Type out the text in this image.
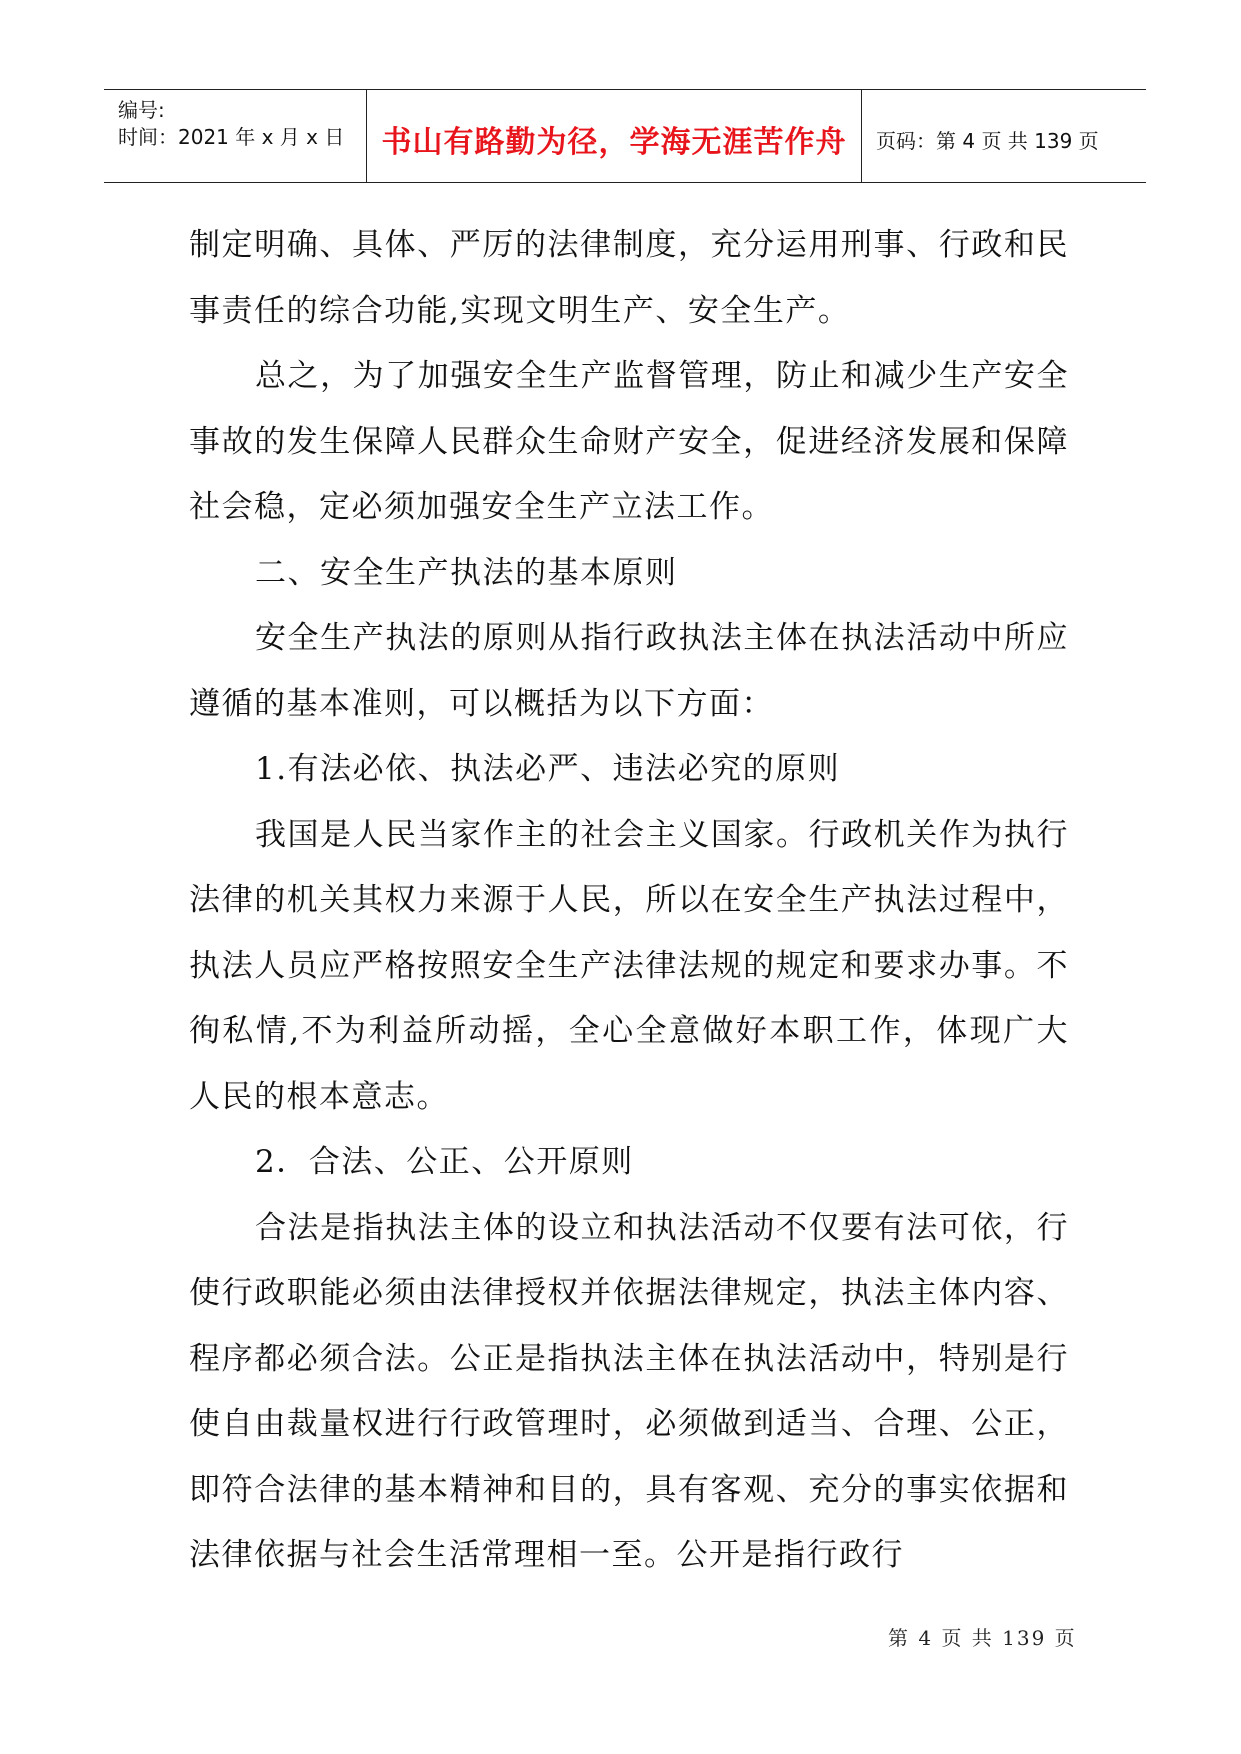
编号:
时间：2021 年 x 月 x 日	书山有路勤为径，学海无涯苦作舟	页码：第 4 页 共 139 页

制定明确、具体、严厉的法律制度，充分运用刑事、行政和民事责任的综合功能,实现文明生产、安全生产。

总之，为了加强安全生产监督管理，防止和减少生产安全事故的发生保障人民群众生命财产安全，促进经济发展和保障社会稳，定必须加强安全生产立法工作。

二、安全生产执法的基本原则

安全生产执法的原则从指行政执法主体在执法活动中所应遵循的基本准则，可以概括为以下方面：

1.有法必依、执法必严、违法必究的原则

我国是人民当家作主的社会主义国家。行政机关作为执行法律的机关其权力来源于人民，所以在安全生产执法过程中，执法人员应严格按照安全生产法律法规的规定和要求办事。不徇私情,不为利益所动摇，全心全意做好本职工作，体现广大人民的根本意志。

2．合法、公正、公开原则

合法是指执法主体的设立和执法活动不仅要有法可依，行使行政职能必须由法律授权并依据法律规定，执法主体内容、程序都必须合法。公正是指执法主体在执法活动中，特别是行使自由裁量权进行行政管理时，必须做到适当、合理、公正，即符合法律的基本精神和目的，具有客观、充分的事实依据和法律依据与社会生活常理相一至。公开是指行政行

第 4 页 共 139 页
